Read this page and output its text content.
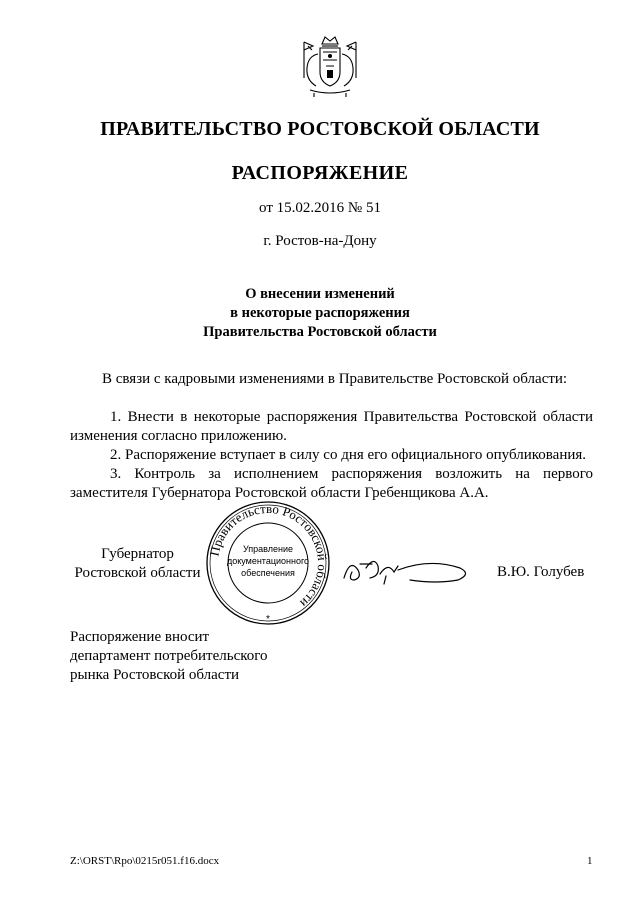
ПРАВИТЕЛЬСТВО РОСТОВСКОЙ ОБЛАСТИ
РАСПОРЯЖЕНИЕ
от 15.02.2016 № 51
г. Ростов-на-Дону
О внесении изменений
в некоторые распоряжения
Правительства Ростовской области
В связи с кадровыми изменениями в Правительстве Ростовской области:
1. Внести в некоторые распоряжения Правительства Ростовской области изменения согласно приложению.
2. Распоряжение вступает в силу со дня его официального опубликования.
3. Контроль за исполнением распоряжения возложить на первого заместителя Губернатора Ростовской области Гребенщикова А.А.
Губернатор
Ростовской области
Правительство Ростовской области
Управление
документационного
обеспечения
*
В.Ю. Голубев
Распоряжение вносит
департамент потребительского
рынка Ростовской области
Z:\ORST\Rpo\0215r051.f16.docx	1
